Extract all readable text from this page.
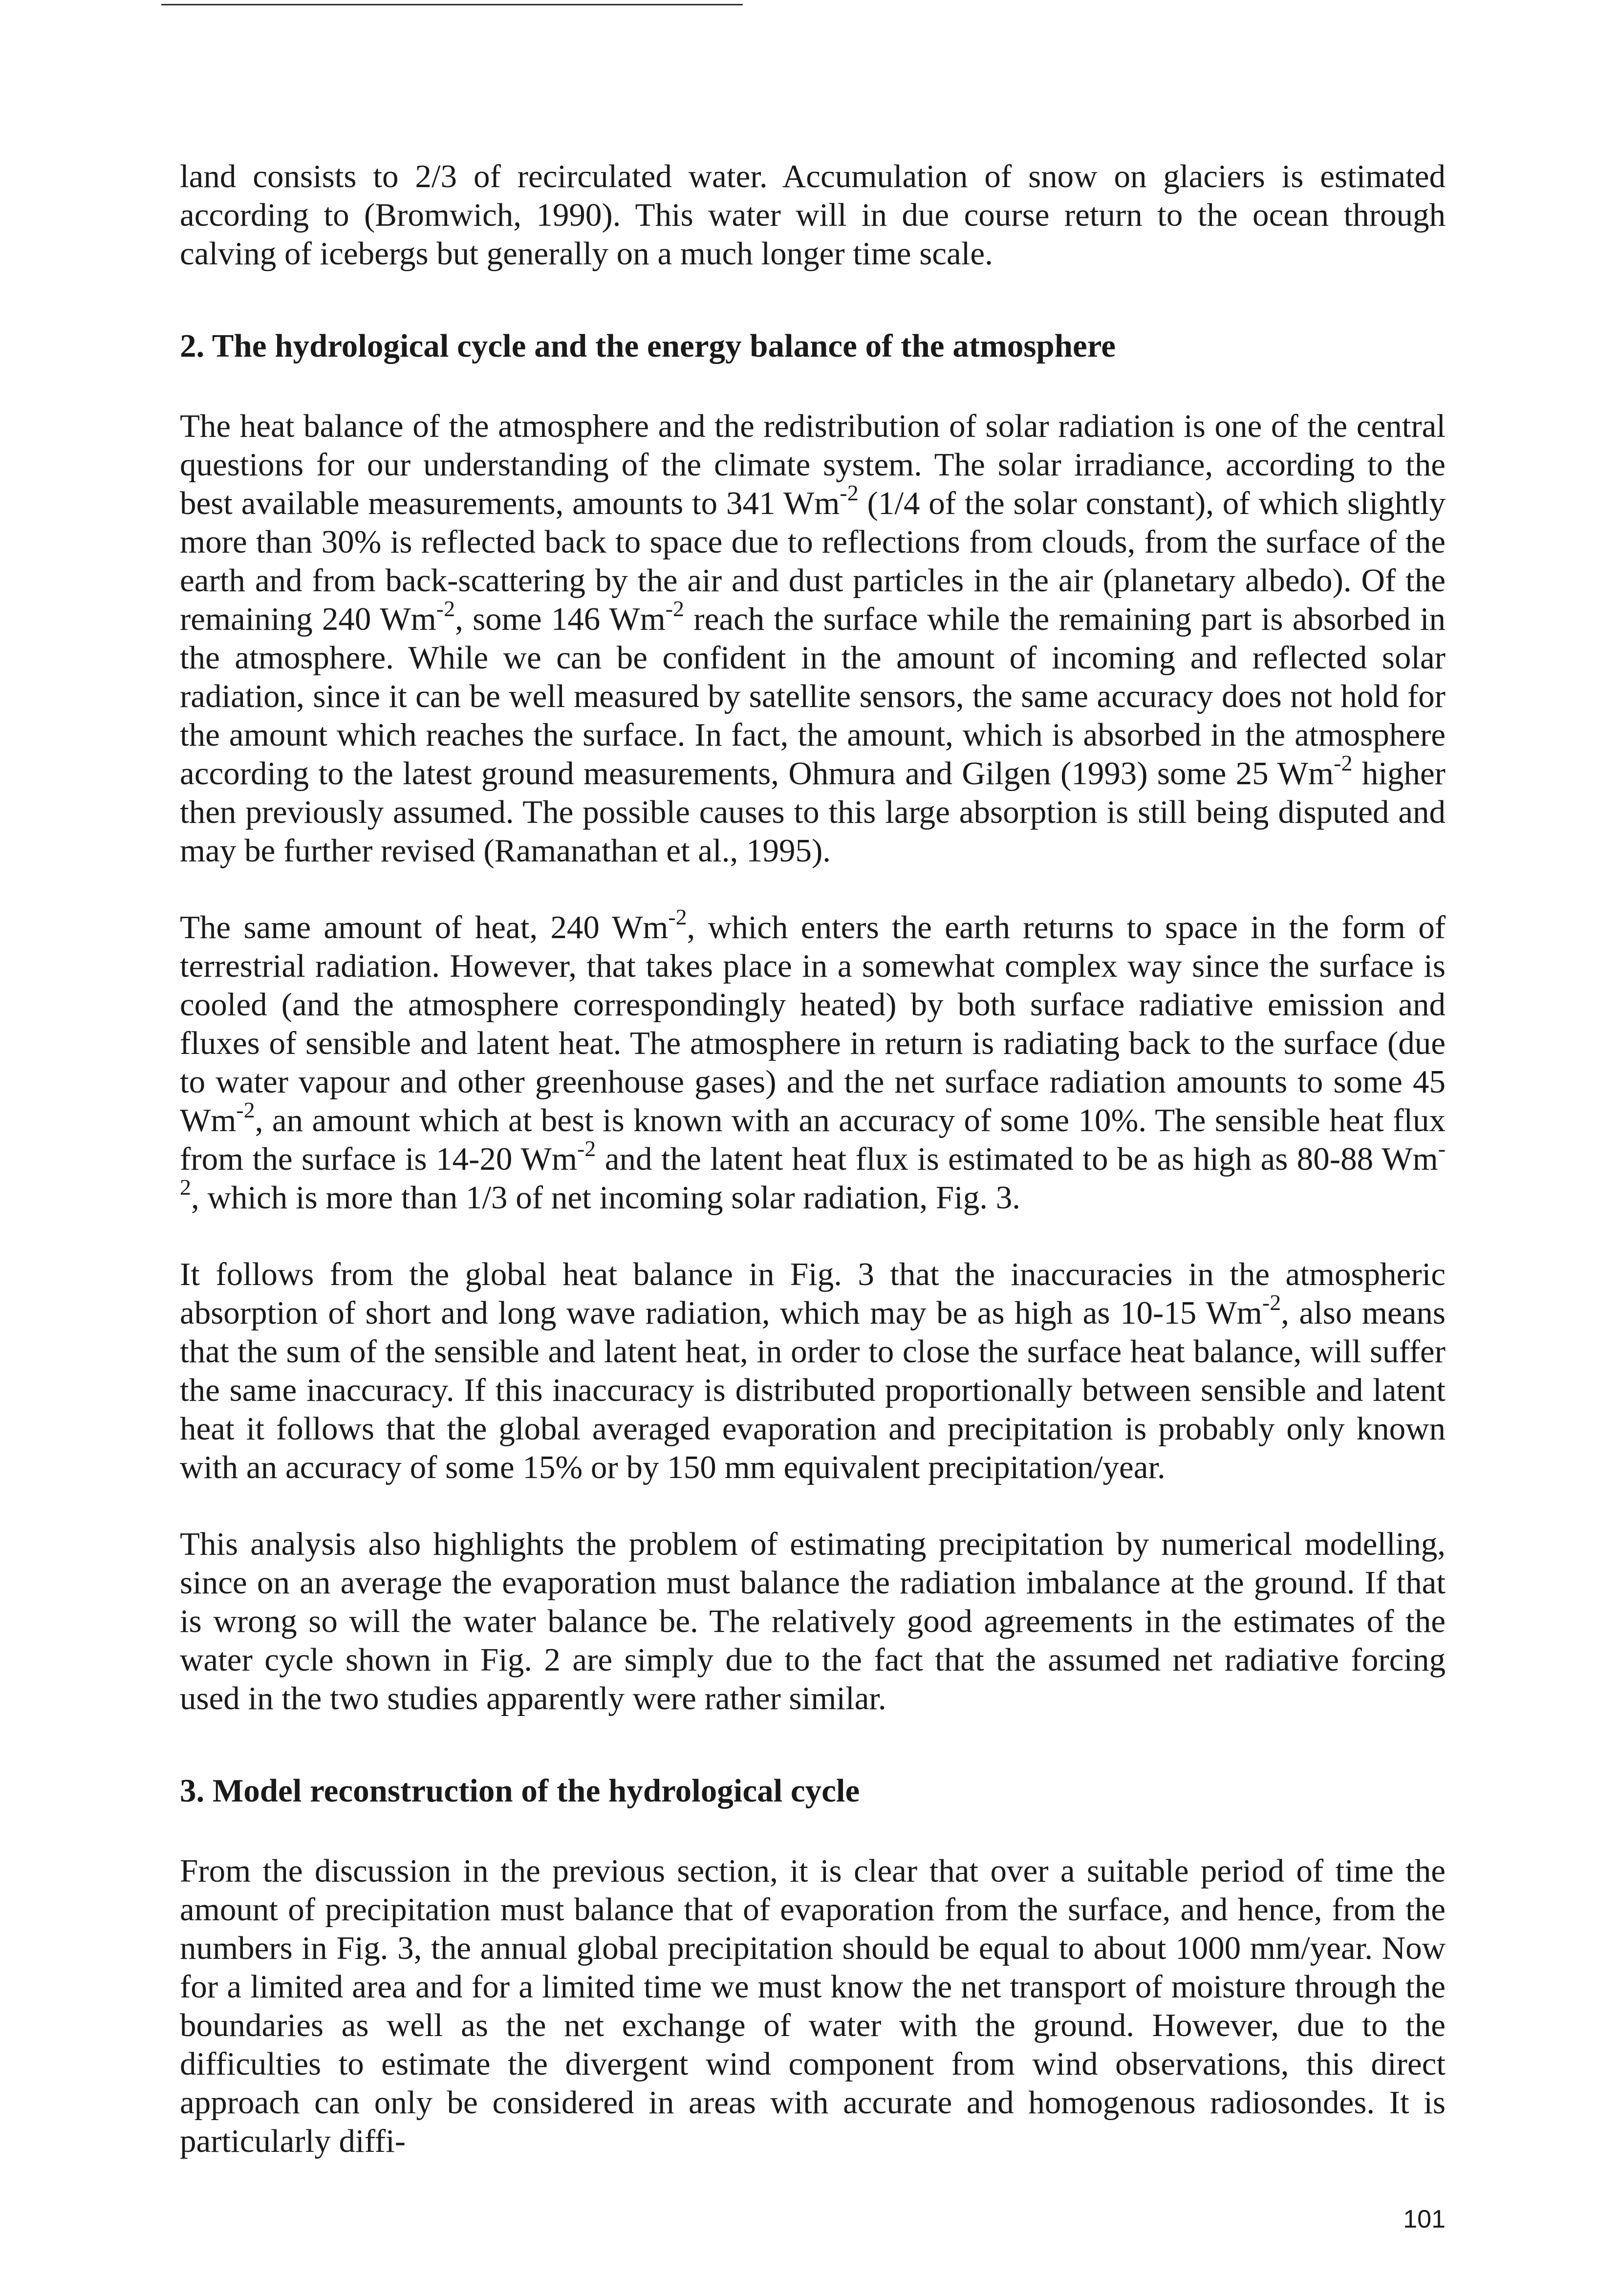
land consists to 2/3 of recirculated water. Accumulation of snow on glaciers is estimated according to (Bromwich, 1990). This water will in due course return to the ocean through calving of icebergs but generally on a much longer time scale.

2. The hydrological cycle and the energy balance of the atmosphere

The heat balance of the atmosphere and the redistribution of solar radiation is one of the central questions for our understanding of the climate system. The solar irradiance, according to the best available measurements, amounts to 341 $Wm^{-2}$ (1/4 of the solar constant), of which slightly more than 30% is reflected back to space due to reflections from clouds, from the surface of the earth and from back-scattering by the air and dust particles in the air (planetary albedo). Of the remaining 240 $Wm^{-2}$, some 146 $Wm^{-2}$ reach the surface while the remaining part is absorbed in the atmosphere. While we can be confident in the amount of incoming and reflected solar radiation, since it can be well measured by satellite sensors, the same accuracy does not hold for the amount which reaches the surface. In fact, the amount, which is absorbed in the atmosphere according to the latest ground measurements, Ohmura and Gilgen (1993) some 25 $Wm^{-2}$ higher then previously assumed. The possible causes to this large absorption is still being disputed and may be further revised (Ramanathan et al., 1995).

The same amount of heat, 240 $Wm^{-2}$, which enters the earth returns to space in the form of terrestrial radiation. However, that takes place in a somewhat complex way since the surface is cooled (and the atmosphere correspondingly heated) by both surface radiative emission and fluxes of sensible and latent heat. The atmosphere in return is radiating back to the surface (due to water vapour and other greenhouse gases) and the net surface radiation amounts to some 45 $Wm^{-2}$, an amount which at best is known with an accuracy of some 10%. The sensible heat flux from the surface is 14-20 $Wm^{-2}$ and the latent heat flux is estimated to be as high as 80-88 $Wm^{-2}$, which is more than 1/3 of net incoming solar radiation, Fig. 3.

It follows from the global heat balance in Fig. 3 that the inaccuracies in the atmospheric absorption of short and long wave radiation, which may be as high as 10-15 $Wm^{-2}$, also means that the sum of the sensible and latent heat, in order to close the surface heat balance, will suffer the same inaccuracy. If this inaccuracy is distributed proportionally between sensible and latent heat it follows that the global averaged evaporation and precipitation is probably only known with an accuracy of some 15% or by 150 mm equivalent precipitation/year.

This analysis also highlights the problem of estimating precipitation by numerical modelling, since on an average the evaporation must balance the radiation imbalance at the ground. If that is wrong so will the water balance be. The relatively good agreements in the estimates of the water cycle shown in Fig. 2 are simply due to the fact that the assumed net radiative forcing used in the two studies apparently were rather similar.

3. Model reconstruction of the hydrological cycle

From the discussion in the previous section, it is clear that over a suitable period of time the amount of precipitation must balance that of evaporation from the surface, and hence, from the numbers in Fig. 3, the annual global precipitation should be equal to about 1000 mm/year. Now for a limited area and for a limited time we must know the net transport of moisture through the boundaries as well as the net exchange of water with the ground. However, due to the difficulties to estimate the divergent wind component from wind observations, this direct approach can only be considered in areas with accurate and homogenous radiosondes. It is particularly diffi-

101
